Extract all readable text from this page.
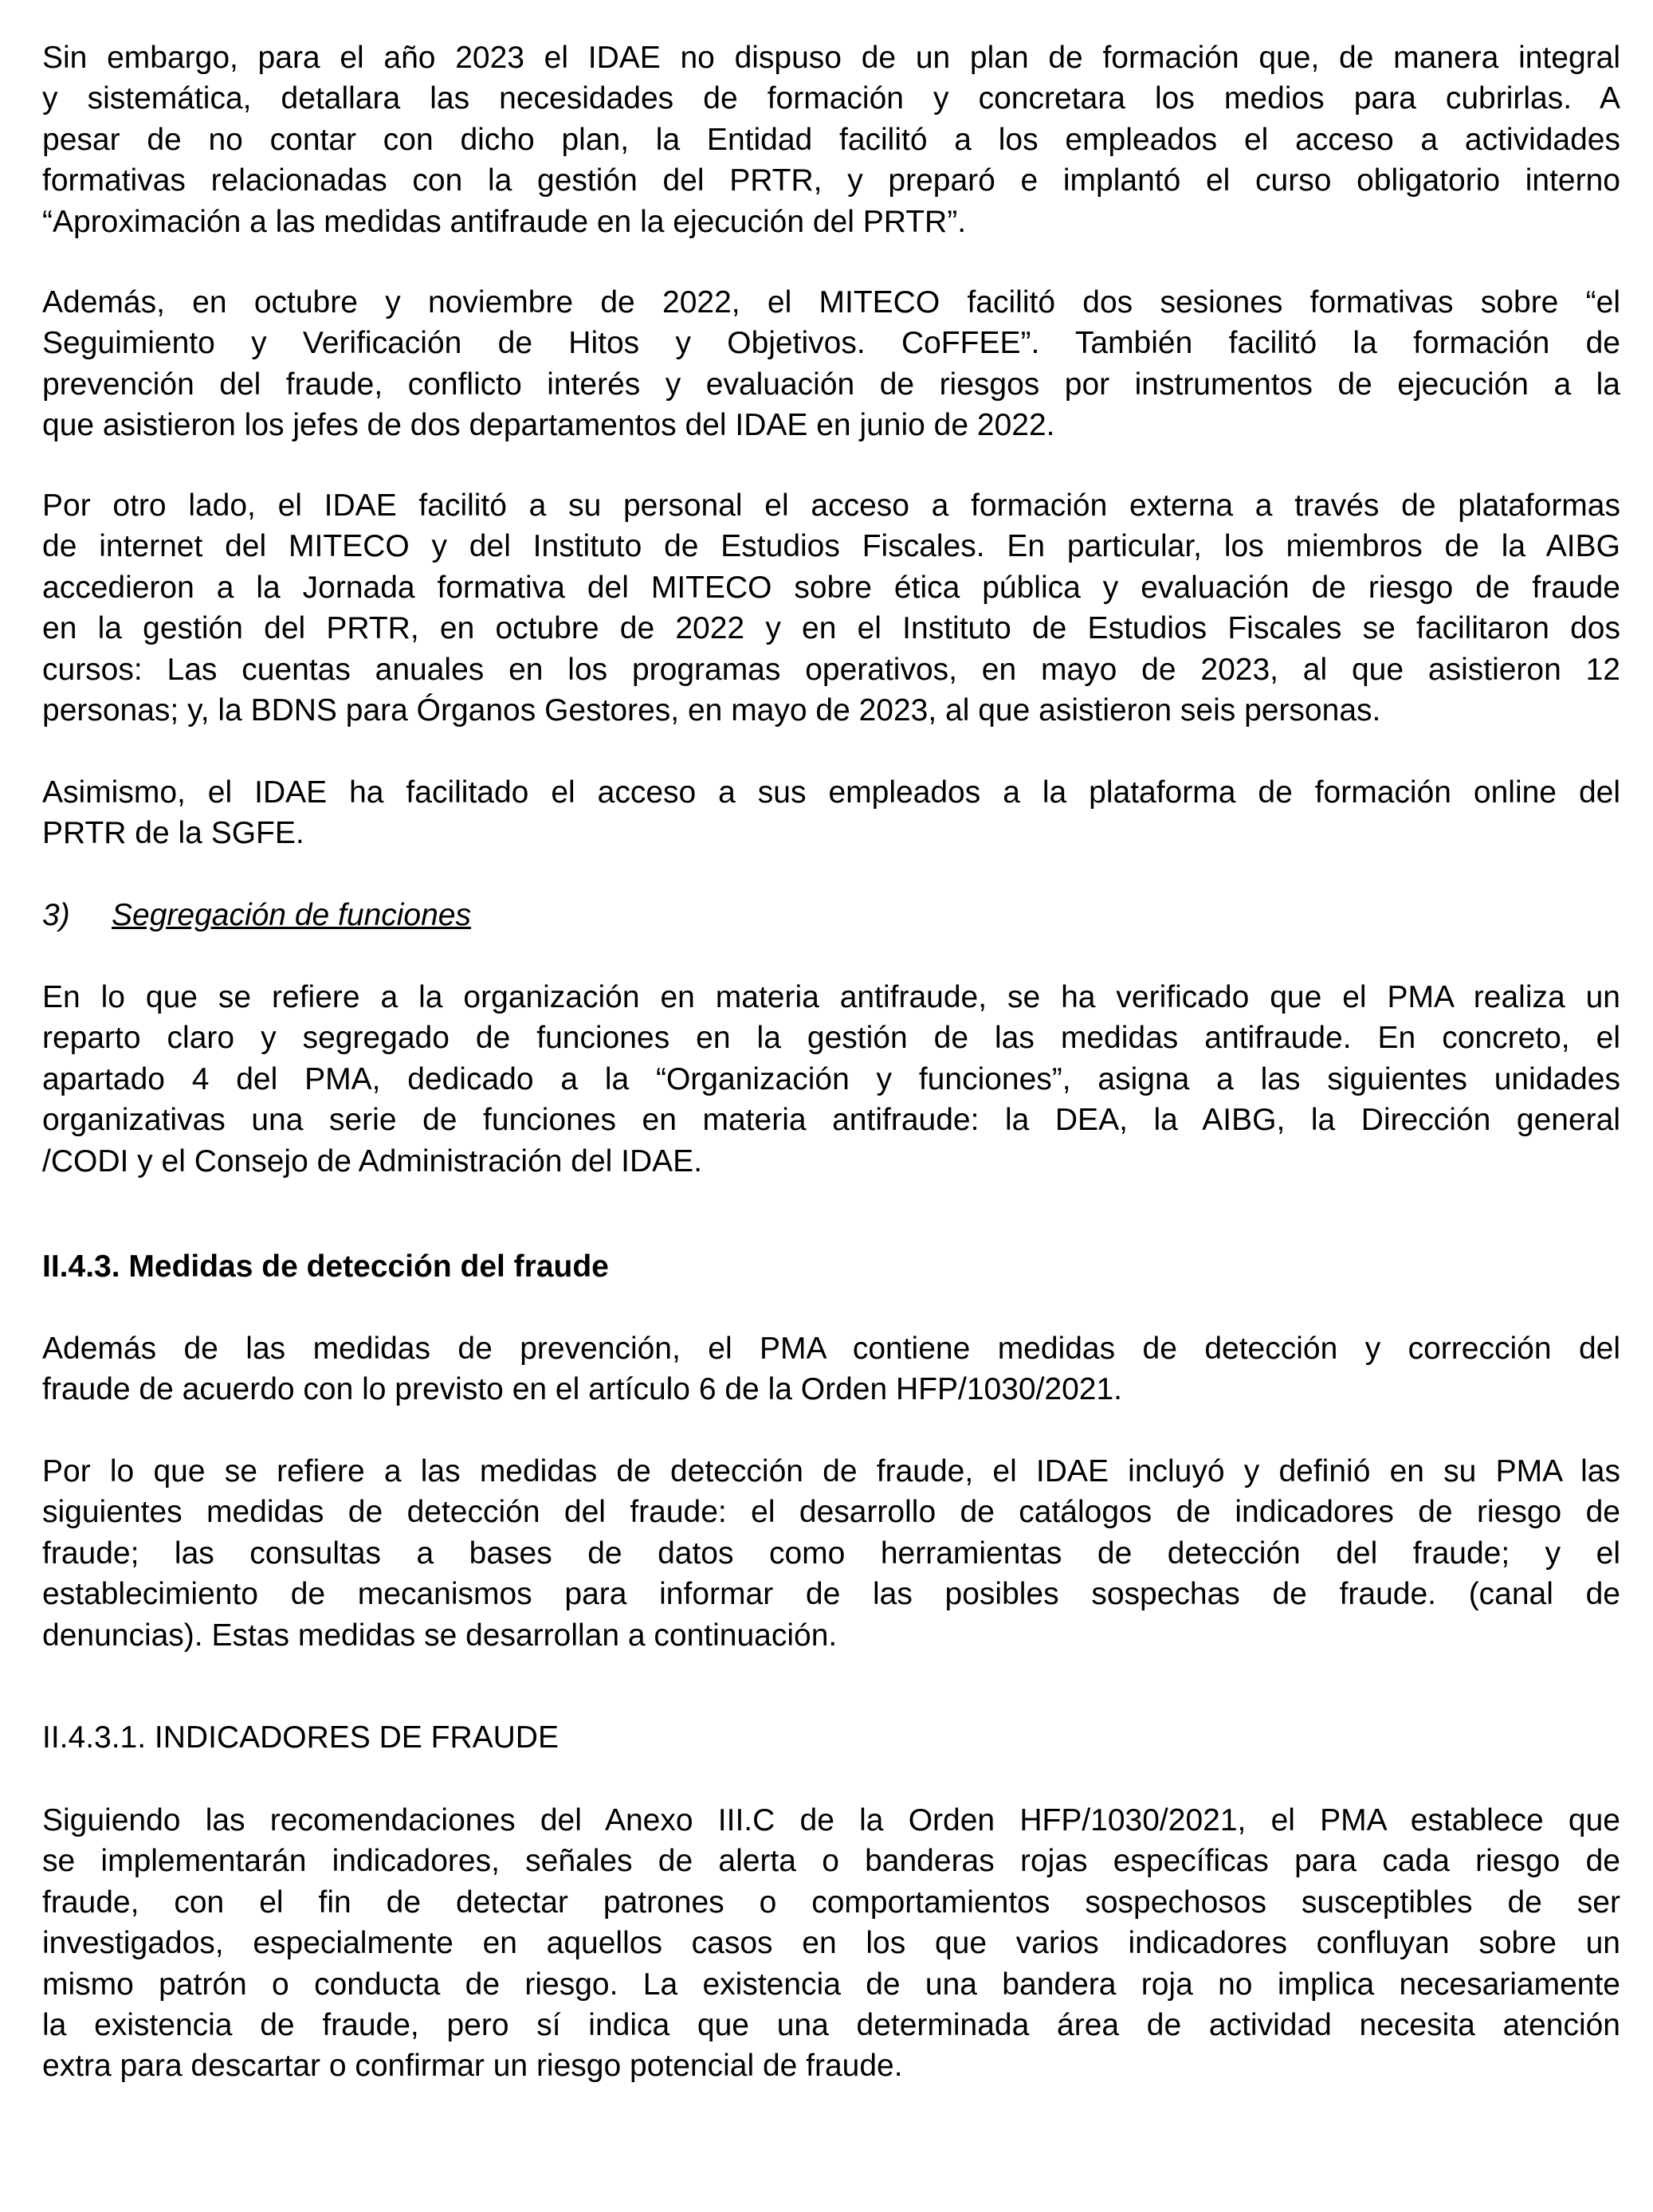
Sin embargo, para el año 2023 el IDAE no dispuso de un plan de formación que, de manera integral
y sistemática, detallara las necesidades de formación y concretara los medios para cubrirlas. A
pesar de no contar con dicho plan, la Entidad facilitó a los empleados el acceso a actividades
formativas relacionadas con la gestión del PRTR, y preparó e implantó el curso obligatorio interno
“Aproximación a las medidas antifraude en la ejecución del PRTR”.
Además, en octubre y noviembre de 2022, el MITECO facilitó dos sesiones formativas sobre “el
Seguimiento y Verificación de Hitos y Objetivos. CoFFEE”. También facilitó la formación de
prevención del fraude, conflicto interés y evaluación de riesgos por instrumentos de ejecución a la
que asistieron los jefes de dos departamentos del IDAE en junio de 2022.
Por otro lado, el IDAE facilitó a su personal el acceso a formación externa a través de plataformas
de internet del MITECO y del Instituto de Estudios Fiscales. En particular, los miembros de la AIBG
accedieron a la Jornada formativa del MITECO sobre ética pública y evaluación de riesgo de fraude
en la gestión del PRTR, en octubre de 2022 y en el Instituto de Estudios Fiscales se facilitaron dos
cursos: Las cuentas anuales en los programas operativos, en mayo de 2023, al que asistieron 12
personas; y, la BDNS para Órganos Gestores, en mayo de 2023, al que asistieron seis personas.
Asimismo, el IDAE ha facilitado el acceso a sus empleados a la plataforma de formación online del
PRTR de la SGFE.
3) Segregación de funciones
En lo que se refiere a la organización en materia antifraude, se ha verificado que el PMA realiza un
reparto claro y segregado de funciones en la gestión de las medidas antifraude. En concreto, el
apartado 4 del PMA, dedicado a la “Organización y funciones”, asigna a las siguientes unidades
organizativas una serie de funciones en materia antifraude: la DEA, la AIBG, la Dirección general
/CODI y el Consejo de Administración del IDAE.
II.4.3. Medidas de detección del fraude
Además de las medidas de prevención, el PMA contiene medidas de detección y corrección del
fraude de acuerdo con lo previsto en el artículo 6 de la Orden HFP/1030/2021.
Por lo que se refiere a las medidas de detección de fraude, el IDAE incluyó y definió en su PMA las
siguientes medidas de detección del fraude: el desarrollo de catálogos de indicadores de riesgo de
fraude; las consultas a bases de datos como herramientas de detección del fraude; y el
establecimiento de mecanismos para informar de las posibles sospechas de fraude. (canal de
denuncias). Estas medidas se desarrollan a continuación.
II.4.3.1. INDICADORES DE FRAUDE
Siguiendo las recomendaciones del Anexo III.C de la Orden HFP/1030/2021, el PMA establece que
se implementarán indicadores, señales de alerta o banderas rojas específicas para cada riesgo de
fraude, con el fin de detectar patrones o comportamientos sospechosos susceptibles de ser
investigados, especialmente en aquellos casos en los que varios indicadores confluyan sobre un
mismo patrón o conducta de riesgo. La existencia de una bandera roja no implica necesariamente
la existencia de fraude, pero sí indica que una determinada área de actividad necesita atención
extra para descartar o confirmar un riesgo potencial de fraude.
